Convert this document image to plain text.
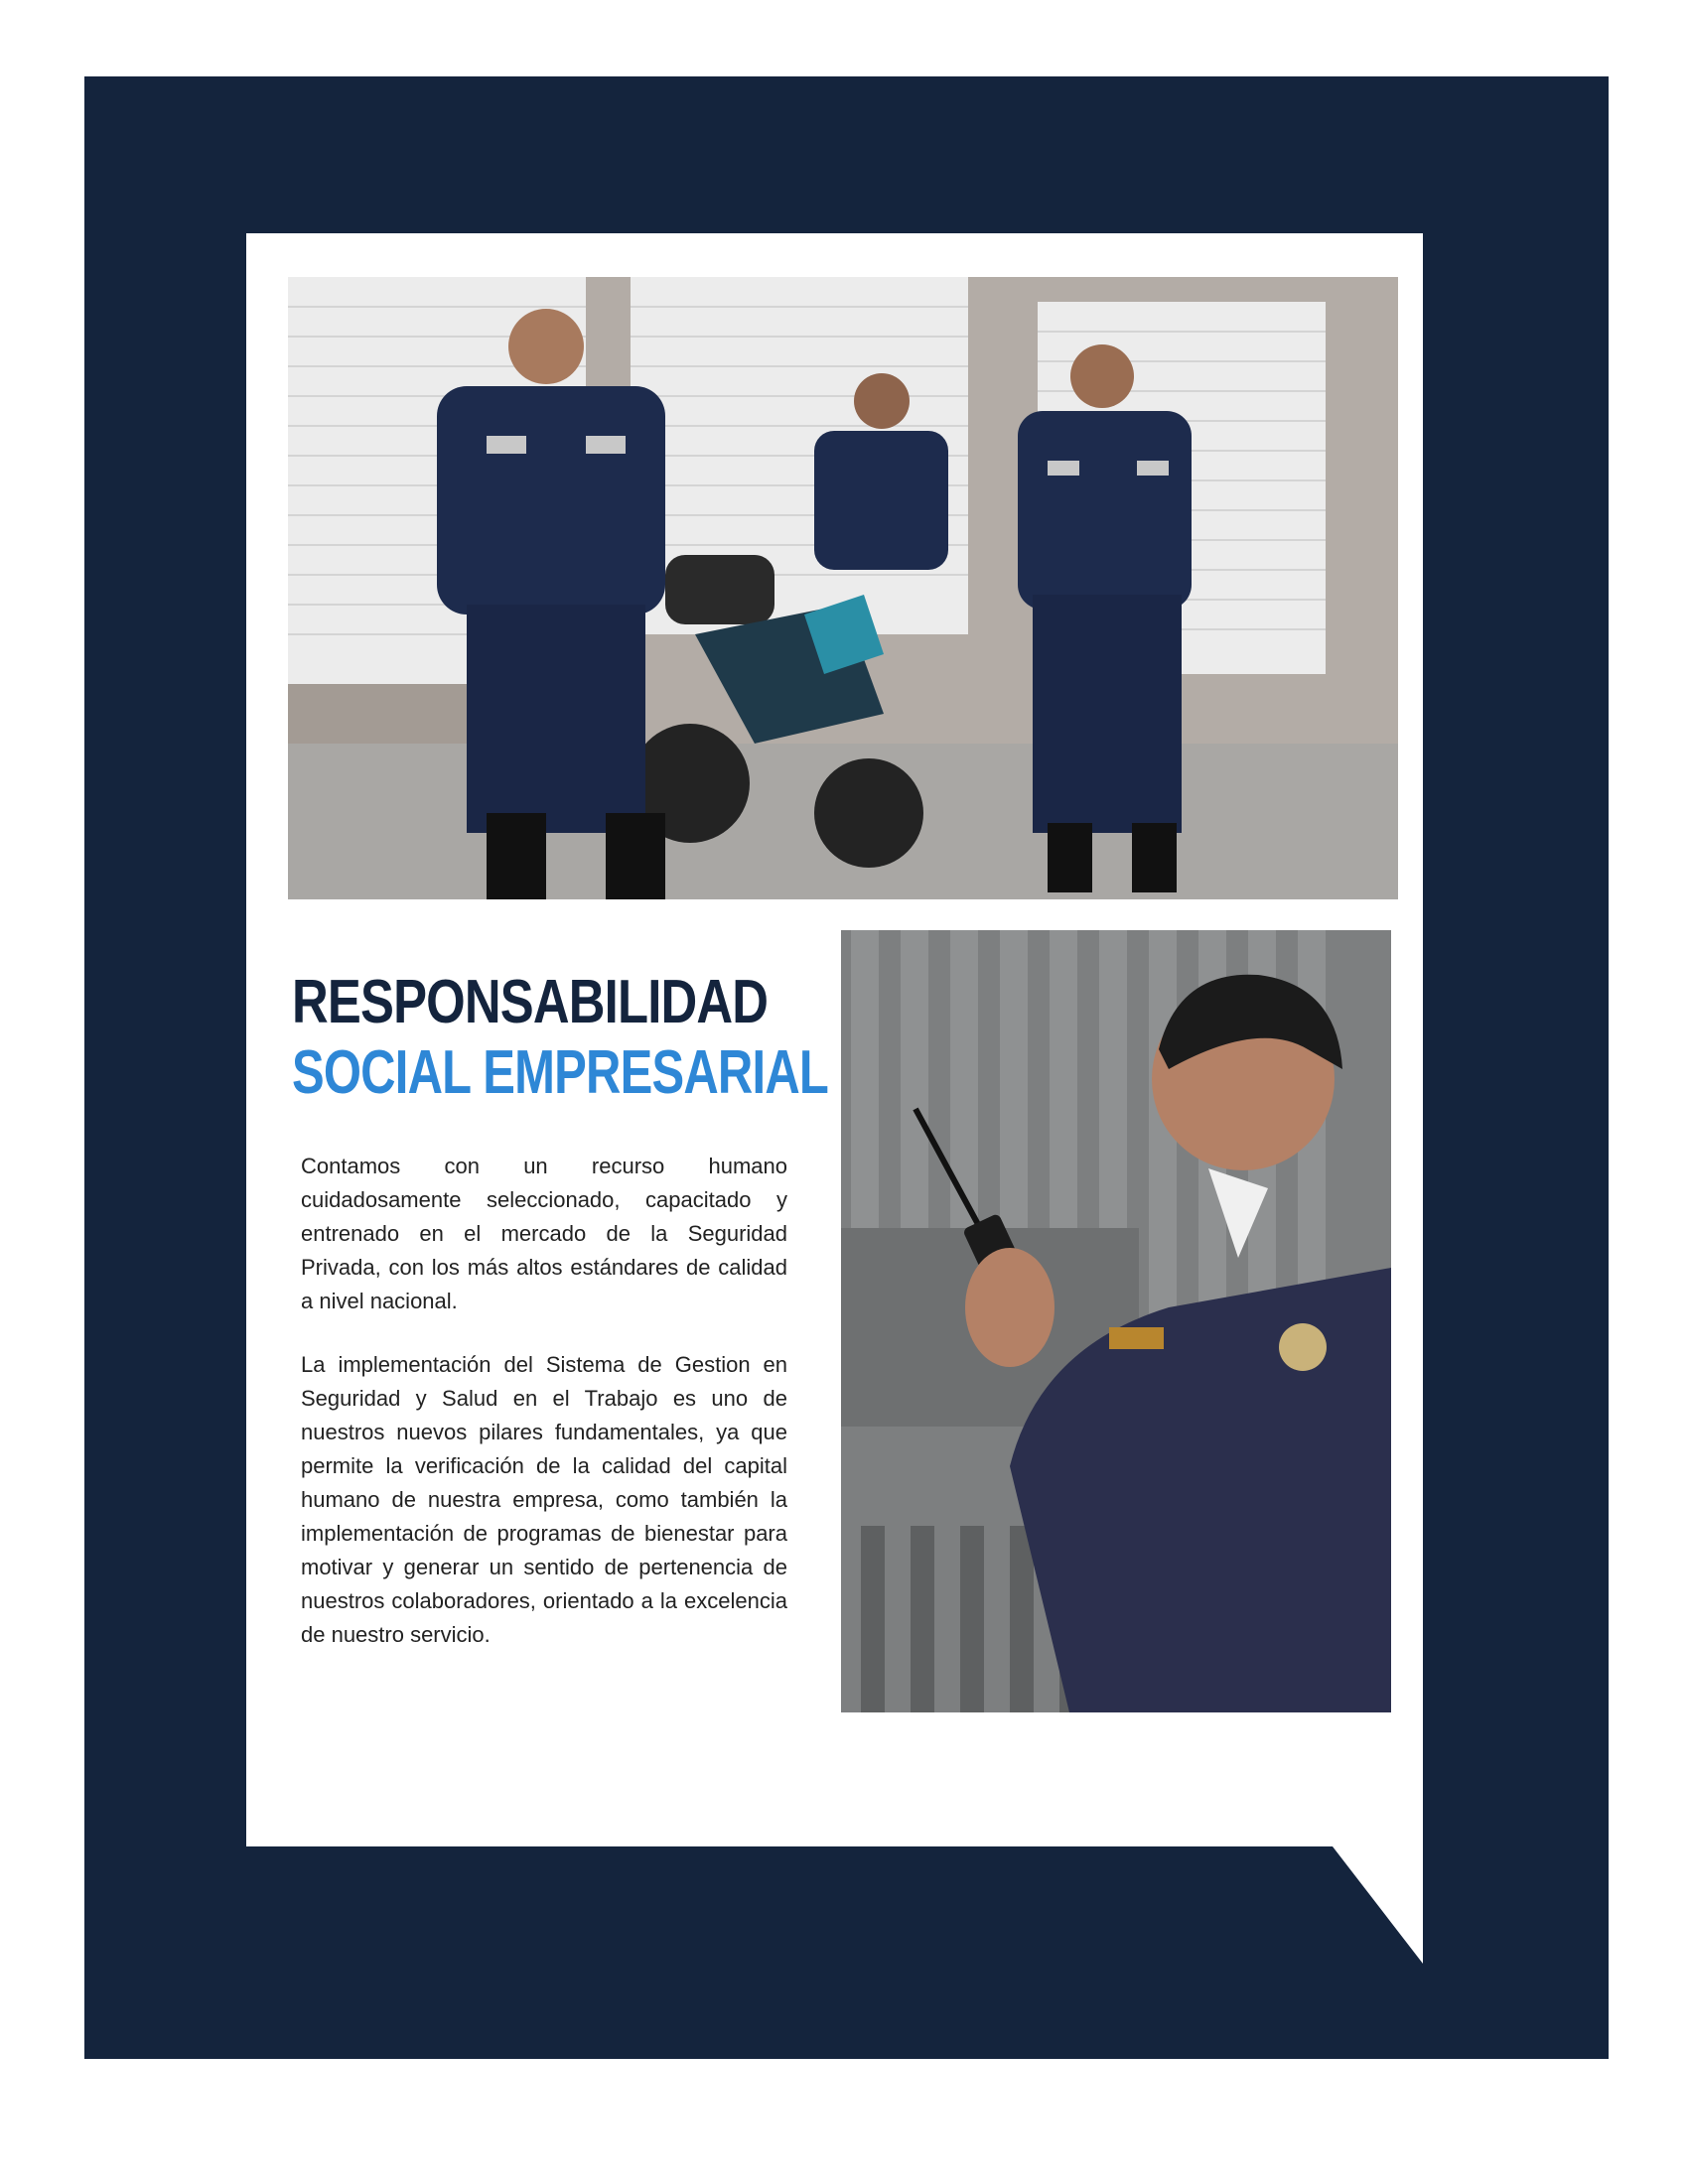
RESPONSABILIDAD
SOCIAL EMPRESARIAL

Contamos con un recurso humano cuidadosamente seleccionado, capacitado y entrenado en el mercado de la Seguridad Privada, con los más altos estándares de calidad a nivel nacional.

La implementación del Sistema de Gestion en Seguridad y Salud en el Trabajo es uno de nuestros nuevos pilares fundamentales, ya que permite la verificación de la calidad del capital humano de nuestra empresa, como también la implementación de programas de bienestar para motivar y generar un sentido de pertenencia de nuestros colaboradores, orientado a la excelencia de nuestro servicio.
